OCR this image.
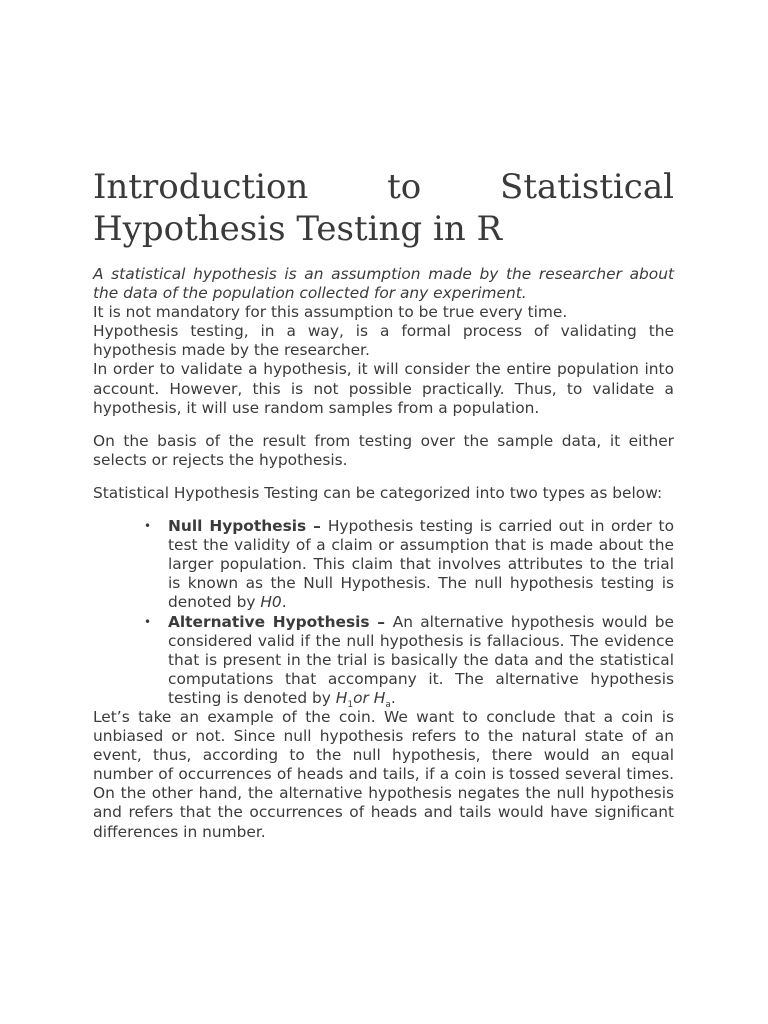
Introduction to Statistical
Hypothesis Testing in R

A statistical hypothesis is an assumption made by the researcher about the data of the population collected for any experiment.

It is not mandatory for this assumption to be true every time.

Hypothesis testing, in a way, is a formal process of validating the hypothesis made by the researcher.

In order to validate a hypothesis, it will consider the entire population into account. However, this is not possible practically. Thus, to validate a hypothesis, it will use random samples from a population.

On the basis of the result from testing over the sample data, it either selects or rejects the hypothesis.

Statistical Hypothesis Testing can be categorized into two types as below:

• Null Hypothesis – Hypothesis testing is carried out in order to test the validity of a claim or assumption that is made about the larger population. This claim that involves attributes to the trial is known as the Null Hypothesis. The null hypothesis testing is denoted by H0.
• Alternative Hypothesis – An alternative hypothesis would be considered valid if the null hypothesis is fallacious. The evidence that is present in the trial is basically the data and the statistical computations that accompany it. The alternative hypothesis testing is denoted by $H_1or$ $H_a$.

Let’s take an example of the coin. We want to conclude that a coin is unbiased or not. Since null hypothesis refers to the natural state of an event, thus, according to the null hypothesis, there would an equal number of occurrences of heads and tails, if a coin is tossed several times. On the other hand, the alternative hypothesis negates the null hypothesis and refers that the occurrences of heads and tails would have significant differences in number.
